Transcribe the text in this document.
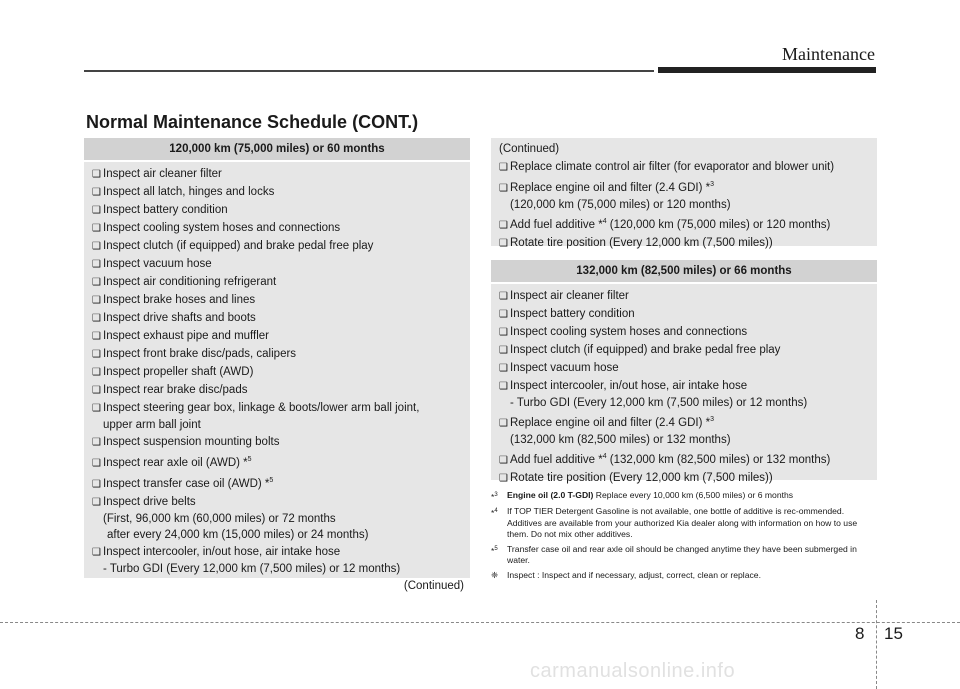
Maintenance
Normal Maintenance Schedule (CONT.)
120,000 km (75,000 miles) or 60 months
❑ Inspect air cleaner filter
❑ Inspect all latch, hinges and locks
❑ Inspect battery condition
❑ Inspect cooling system hoses and connections
❑ Inspect clutch (if equipped) and brake pedal free play
❑ Inspect vacuum hose
❑ Inspect air conditioning refrigerant
❑ Inspect brake hoses and lines
❑ Inspect drive shafts and boots
❑ Inspect exhaust pipe and muffler
❑ Inspect front brake disc/pads, calipers
❑ Inspect propeller shaft (AWD)
❑ Inspect rear brake disc/pads
❑ Inspect steering gear box, linkage & boots/lower arm ball joint,
upper arm ball joint
❑ Inspect suspension mounting bolts
❑ Inspect rear axle oil (AWD) *$^5$
❑ Inspect transfer case oil (AWD) *$^5$
❑ Inspect drive belts
(First, 96,000 km (60,000 miles) or 72 months
after every 24,000 km (15,000 miles) or 24 months)
❑ Inspect intercooler, in/out hose, air intake hose
- Turbo GDI (Every 12,000 km (7,500 miles) or 12 months)
(Continued)
(Continued)
❑ Replace climate control air filter (for evaporator and blower unit)
❑ Replace engine oil and filter (2.4 GDI) *$^3$
(120,000 km (75,000 miles) or 120 months)
❑ Add fuel additive *$^4$ (120,000 km (75,000 miles) or 120 months)
❑ Rotate tire position (Every 12,000 km (7,500 miles))
132,000 km (82,500 miles) or 66 months
❑ Inspect air cleaner filter
❑ Inspect battery condition
❑ Inspect cooling system hoses and connections
❑ Inspect clutch (if equipped) and brake pedal free play
❑ Inspect vacuum hose
❑ Inspect intercooler, in/out hose, air intake hose
- Turbo GDI (Every 12,000 km (7,500 miles) or 12 months)
❑ Replace engine oil and filter (2.4 GDI) *$^3$
(132,000 km (82,500 miles) or 132 months)
❑ Add fuel additive *$^4$ (132,000 km (82,500 miles) or 132 months)
❑ Rotate tire position (Every 12,000 km (7,500 miles))
*$^3$	Engine oil (2.0 T-GDI) Replace every 10,000 km (6,500 miles) or 6 months
*$^4$	If TOP TIER Detergent Gasoline is not available, one bottle of additive is rec-ommended. Additives are available from your authorized Kia dealer along with information on how to use them. Do not mix other additives.
*$^5$	Transfer case oil and rear axle oil should be changed anytime they have been submerged in water.
❈	Inspect : Inspect and if necessary, adjust, correct, clean or replace.
8 15
carmanualsonline.info
